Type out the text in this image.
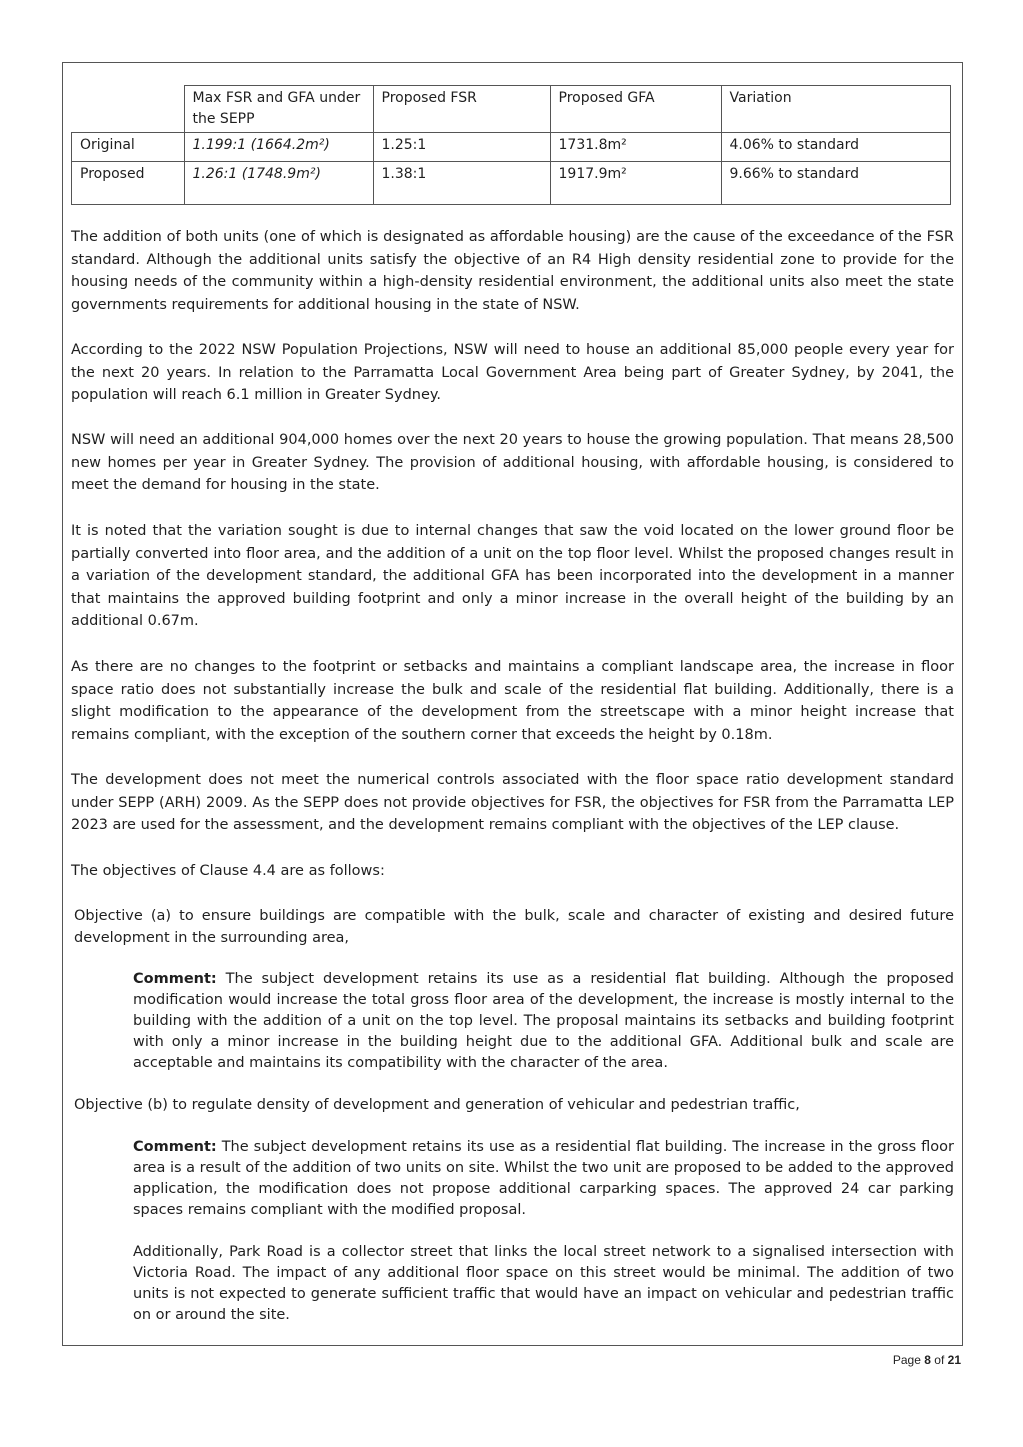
	Max FSR and GFA under the SEPP	Proposed FSR	Proposed GFA	Variation
Original	1.199:1 (1664.2m²)	1.25:1	1731.8m²	4.06% to standard
Proposed	1.26:1 (1748.9m²)	1.38:1	1917.9m²	9.66% to standard

The addition of both units (one of which is designated as affordable housing) are the cause of the exceedance of the FSR standard. Although the additional units satisfy the objective of an R4 High density residential zone to provide for the housing needs of the community within a high-density residential environment, the additional units also meet the state governments requirements for additional housing in the state of NSW.

According to the 2022 NSW Population Projections, NSW will need to house an additional 85,000 people every year for the next 20 years. In relation to the Parramatta Local Government Area being part of Greater Sydney, by 2041, the population will reach 6.1 million in Greater Sydney.

NSW will need an additional 904,000 homes over the next 20 years to house the growing population. That means 28,500 new homes per year in Greater Sydney. The provision of additional housing, with affordable housing, is considered to meet the demand for housing in the state.

It is noted that the variation sought is due to internal changes that saw the void located on the lower ground floor be partially converted into floor area, and the addition of a unit on the top floor level. Whilst the proposed changes result in a variation of the development standard, the additional GFA has been incorporated into the development in a manner that maintains the approved building footprint and only a minor increase in the overall height of the building by an additional 0.67m.

As there are no changes to the footprint or setbacks and maintains a compliant landscape area, the increase in floor space ratio does not substantially increase the bulk and scale of the residential flat building. Additionally, there is a slight modification to the appearance of the development from the streetscape with a minor height increase that remains compliant, with the exception of the southern corner that exceeds the height by 0.18m.

The development does not meet the numerical controls associated with the floor space ratio development standard under SEPP (ARH) 2009. As the SEPP does not provide objectives for FSR, the objectives for FSR from the Parramatta LEP 2023 are used for the assessment, and the development remains compliant with the objectives of the LEP clause.

The objectives of Clause 4.4 are as follows:

Objective (a) to ensure buildings are compatible with the bulk, scale and character of existing and desired future development in the surrounding area,

Comment: The subject development retains its use as a residential flat building. Although the proposed modification would increase the total gross floor area of the development, the increase is mostly internal to the building with the addition of a unit on the top level. The proposal maintains its setbacks and building footprint with only a minor increase in the building height due to the additional GFA. Additional bulk and scale are acceptable and maintains its compatibility with the character of the area.

Objective (b) to regulate density of development and generation of vehicular and pedestrian traffic,

Comment: The subject development retains its use as a residential flat building. The increase in the gross floor area is a result of the addition of two units on site. Whilst the two unit are proposed to be added to the approved application, the modification does not propose additional carparking spaces. The approved 24 car parking spaces remains compliant with the modified proposal.

Additionally, Park Road is a collector street that links the local street network to a signalised intersection with Victoria Road. The impact of any additional floor space on this street would be minimal. The addition of two units is not expected to generate sufficient traffic that would have an impact on vehicular and pedestrian traffic on or around the site.

Page 8 of 21
